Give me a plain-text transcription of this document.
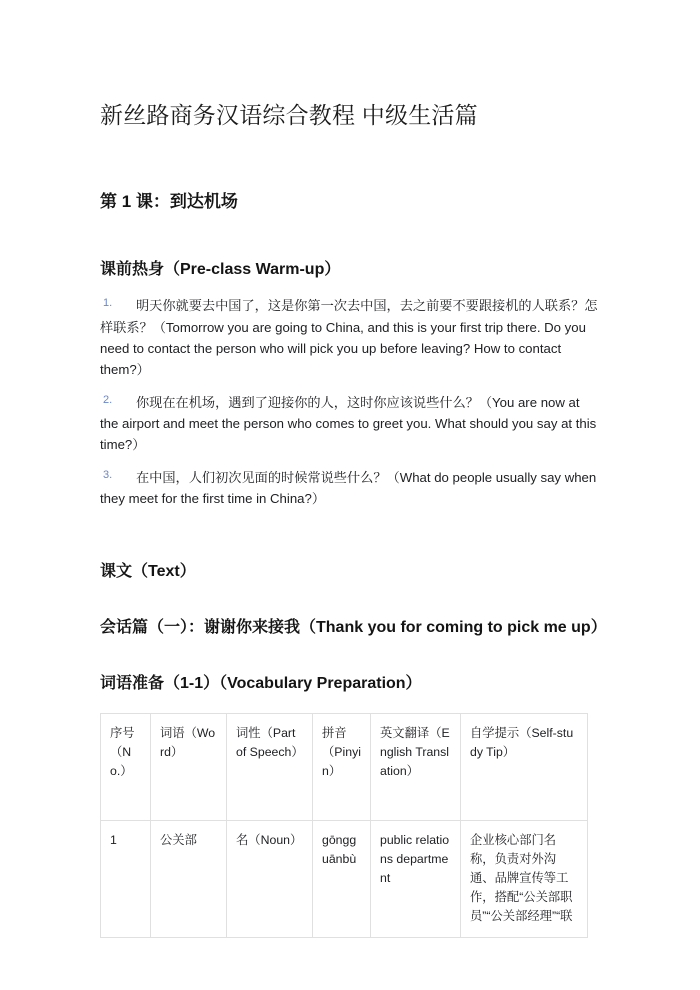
新丝路商务汉语综合教程 中级生活篇
第 1 课：到达机场
课前热身（Pre-class Warm-up）
明天你就要去中国了，这是你第一次去中国，去之前要不要跟接机的人联系？怎样联系？（Tomorrow you are going to China, and this is your first trip there. Do you need to contact the person who will pick you up before leaving? How to contact them?）
你现在在机场，遇到了迎接你的人，这时你应该说些什么？（You are now at the airport and meet the person who comes to greet you. What should you say at this time?）
在中国，人们初次见面的时候常说些什么？（What do people usually say when they meet for the first time in China?）
课文（Text）
会话篇（一）：谢谢你来接我（Thank you for coming to pick me up）
词语准备（1-1）（Vocabulary Preparation）
序号（No.）	词语（Word）	词性（Part of Speech）	拼音（Pinyin）	英文翻译（English Translation）	自学提示（Self-study Tip）
1	公关部	名（Noun）	gōngguānbù	public relations department	企业核心部门名称，负责对外沟通、品牌宣传等工作，搭配“公关部职员”“公关部经理”“联
